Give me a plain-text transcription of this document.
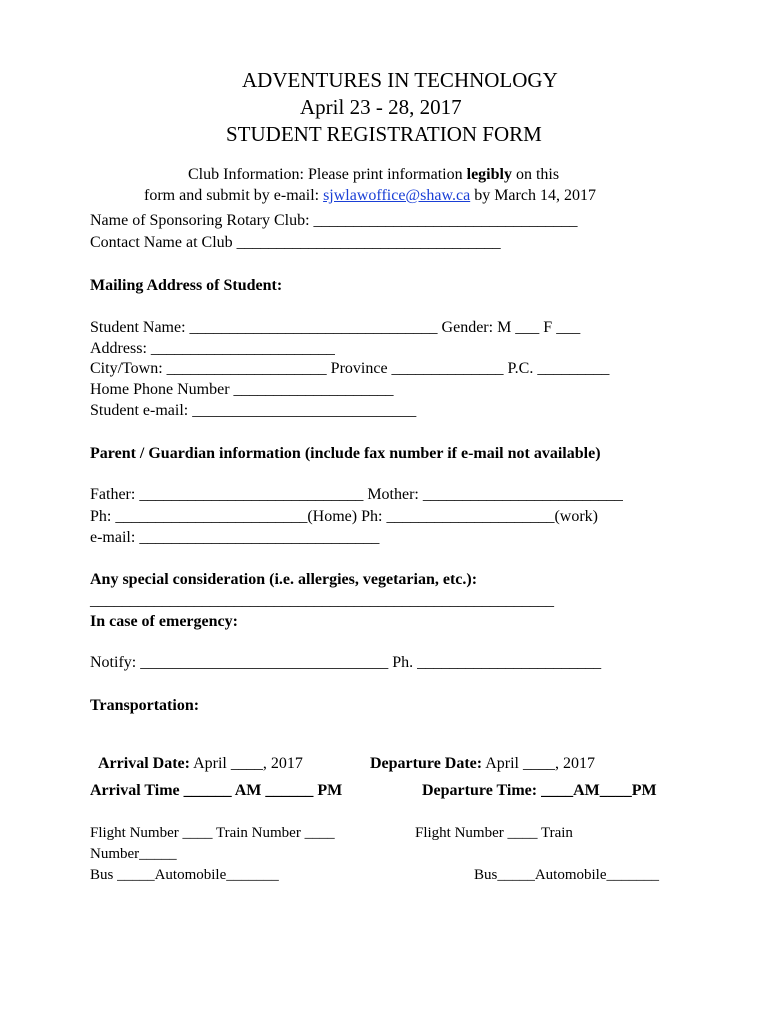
ADVENTURES IN TECHNOLOGY
April 23 - 28, 2017
STUDENT REGISTRATION FORM

Club Information: Please print information legibly on this

form and submit by e-mail: sjwlawoffice@shaw.ca by March 14, 2017

Name of Sponsoring Rotary Club: _________________________________
Contact Name at Club _________________________________
Mailing Address of Student:
Student Name: _______________________________ Gender: M ___ F ___
Address: _______________________
City/Town: ____________________ Province ______________ P.C. _________
Home Phone Number ____________________
Student e-mail: ____________________________
Parent / Guardian information (include fax number if e-mail not available)
Father: ____________________________ Mother: _________________________
Ph: ________________________(Home) Ph: _____________________(work)
e-mail: ______________________________
Any special consideration (i.e. allergies, vegetarian, etc.):
__________________________________________________________
In case of emergency:
Notify: _______________________________ Ph. _______________________
Transportation:

Arrival Date: April ____, 2017	Departure Date: April ____, 2017

Arrival Time ______ AM ______ PM	Departure Time: ____AM____PM
Flight Number ____ Train Number ____	Flight Number ____ Train
Number_____
Bus _____Automobile_______	Bus_____Automobile_______
